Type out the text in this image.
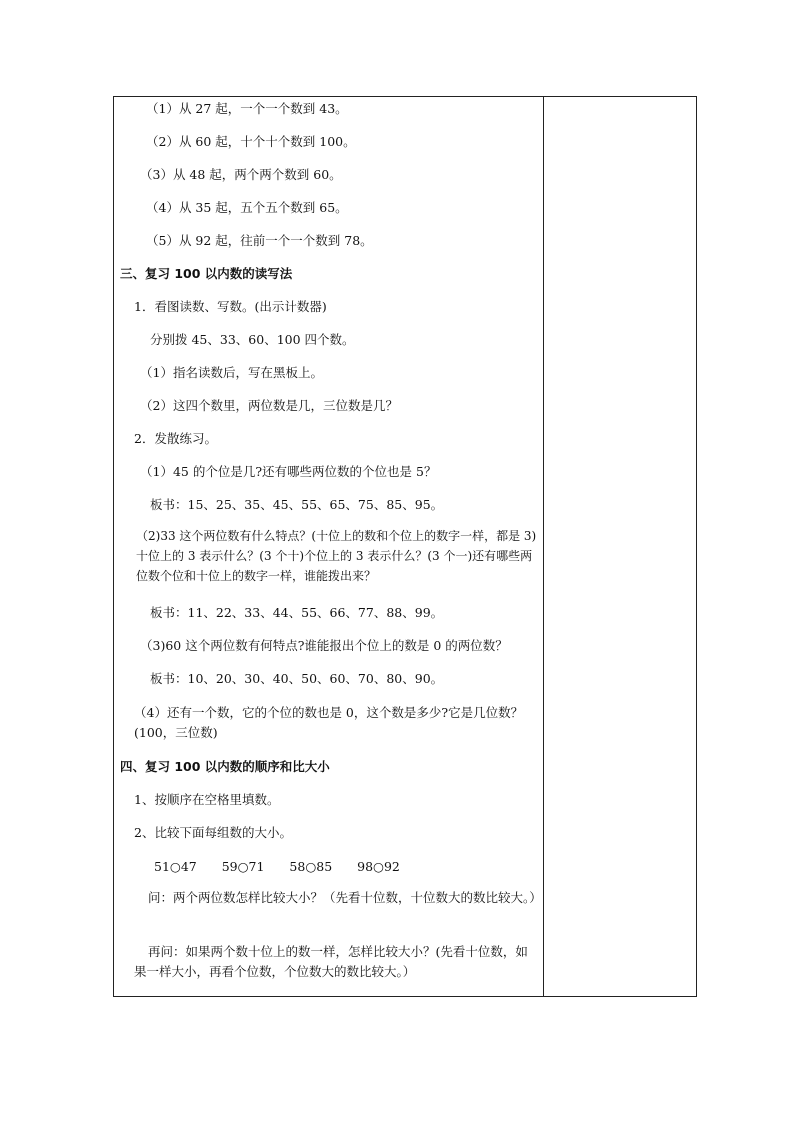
（1）从 27 起，一个一个数到 43。
（2）从 60 起，十个十个数到 100。
（3）从 48 起，两个两个数到 60。
（4）从 35 起，五个五个数到 65。
（5）从 92 起，往前一个一个数到 78。
三、复习 100 以内数的读写法
1．看图读数、写数。(出示计数器)
分别拨 45、33、60、100 四个数。
（1）指名读数后，写在黑板上。
（2）这四个数里，两位数是几，三位数是几？
2．发散练习。
（1）45 的个位是几?还有哪些两位数的个位也是 5？
板书：15、25、35、45、55、65、75、85、95。
（2)33 这个两位数有什么特点？(十位上的数和个位上的数字一样，都是 3)十位上的 3 表示什么？(3 个十)个位上的 3 表示什么？(3 个一)还有哪些两位数个位和十位上的数字一样，谁能拨出来？
板书：11、22、33、44、55、66、77、88、99。
（3)60 这个两位数有何特点?谁能报出个位上的数是 0 的两位数？
板书：10、20、30、40、50、60、70、80、90。
（4）还有一个数，它的个位的数也是 0，这个数是多少?它是几位数？(100，三位数)
四、复习 100 以内数的顺序和比大小
1、按顺序在空格里填数。
2、比较下面每组数的大小。
51○47　　59○71　　58○85　　98○92
问：两个两位数怎样比较大小？（先看十位数，十位数大的数比较大。）
再问：如果两个数十位上的数一样，怎样比较大小？(先看十位数，如果一样大小，再看个位数，个位数大的数比较大。）
